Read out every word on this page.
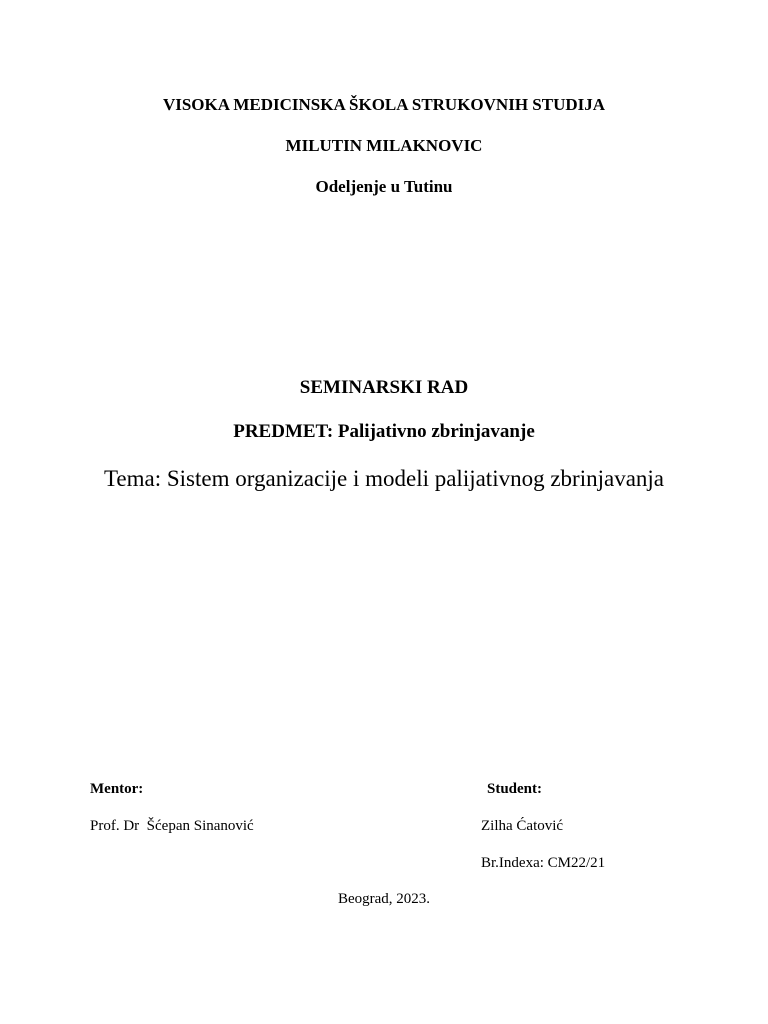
VISOKA MEDICINSKA ŠKOLA STRUKOVNIH STUDIJA
MILUTIN MILAKNOVIC
Odeljenje u Tutinu
SEMINARSKI RAD
PREDMET: Palijativno zbrinjavanje
Tema: Sistem organizacije i modeli palijativnog zbrinjavanja
Mentor:
Prof. Dr  Šćepan Sinanović
Student:
Zilha Ćatović
Br.Indexa: CM22/21
Beograd, 2023.
